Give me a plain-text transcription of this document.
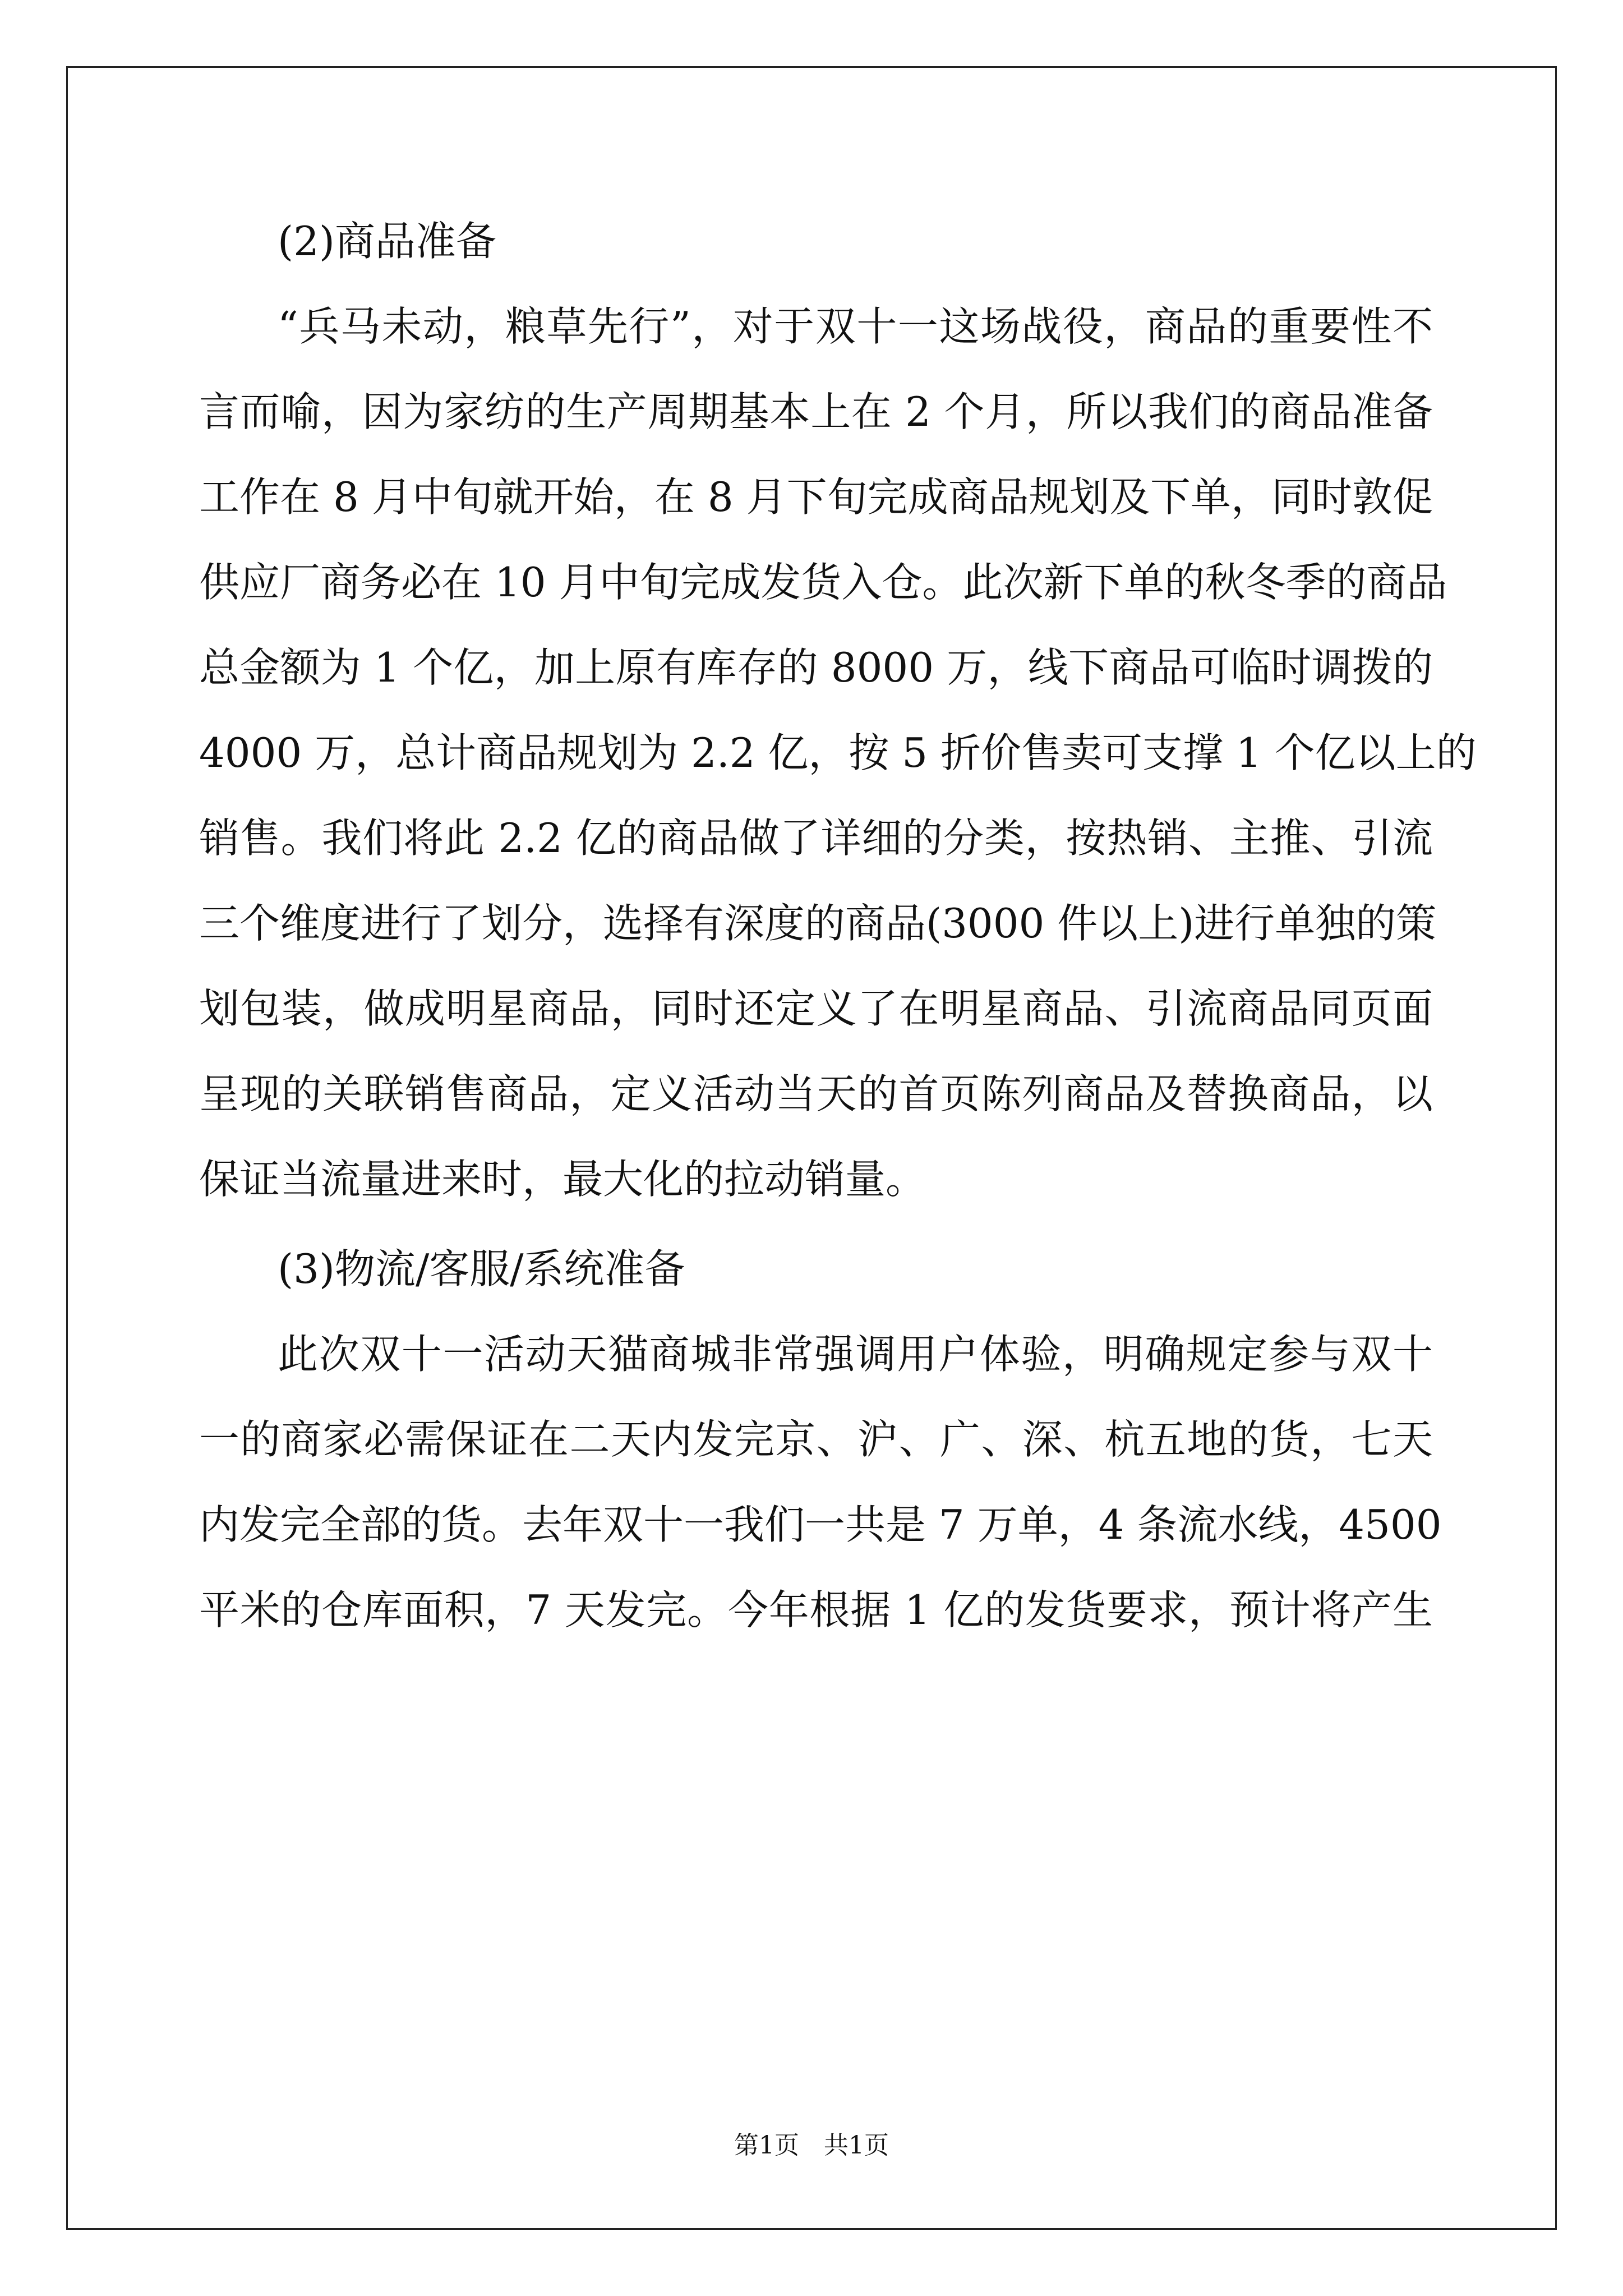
(2)商品准备
“兵马未动，粮草先行”，对于双十一这场战役，商品的重要性不
言而喻，因为家纺的生产周期基本上在 2 个月，所以我们的商品准备
工作在 8 月中旬就开始，在 8 月下旬完成商品规划及下单，同时敦促
供应厂商务必在 10 月中旬完成发货入仓。此次新下单的秋冬季的商品
总金额为 1 个亿，加上原有库存的 8000 万，线下商品可临时调拨的
4000 万，总计商品规划为 2.2 亿，按 5 折价售卖可支撑 1 个亿以上的
销售。我们将此 2.2 亿的商品做了详细的分类，按热销、主推、引流
三个维度进行了划分，选择有深度的商品(3000 件以上)进行单独的策
划包装，做成明星商品，同时还定义了在明星商品、引流商品同页面
呈现的关联销售商品，定义活动当天的首页陈列商品及替换商品，以
保证当流量进来时，最大化的拉动销量。
(3)物流/客服/系统准备
此次双十一活动天猫商城非常强调用户体验，明确规定参与双十
一的商家必需保证在二天内发完京、沪、广、深、杭五地的货，七天
内发完全部的货。去年双十一我们一共是 7 万单，4 条流水线，4500
平米的仓库面积，7 天发完。今年根据 1 亿的发货要求，预计将产生
第1页　共1页
